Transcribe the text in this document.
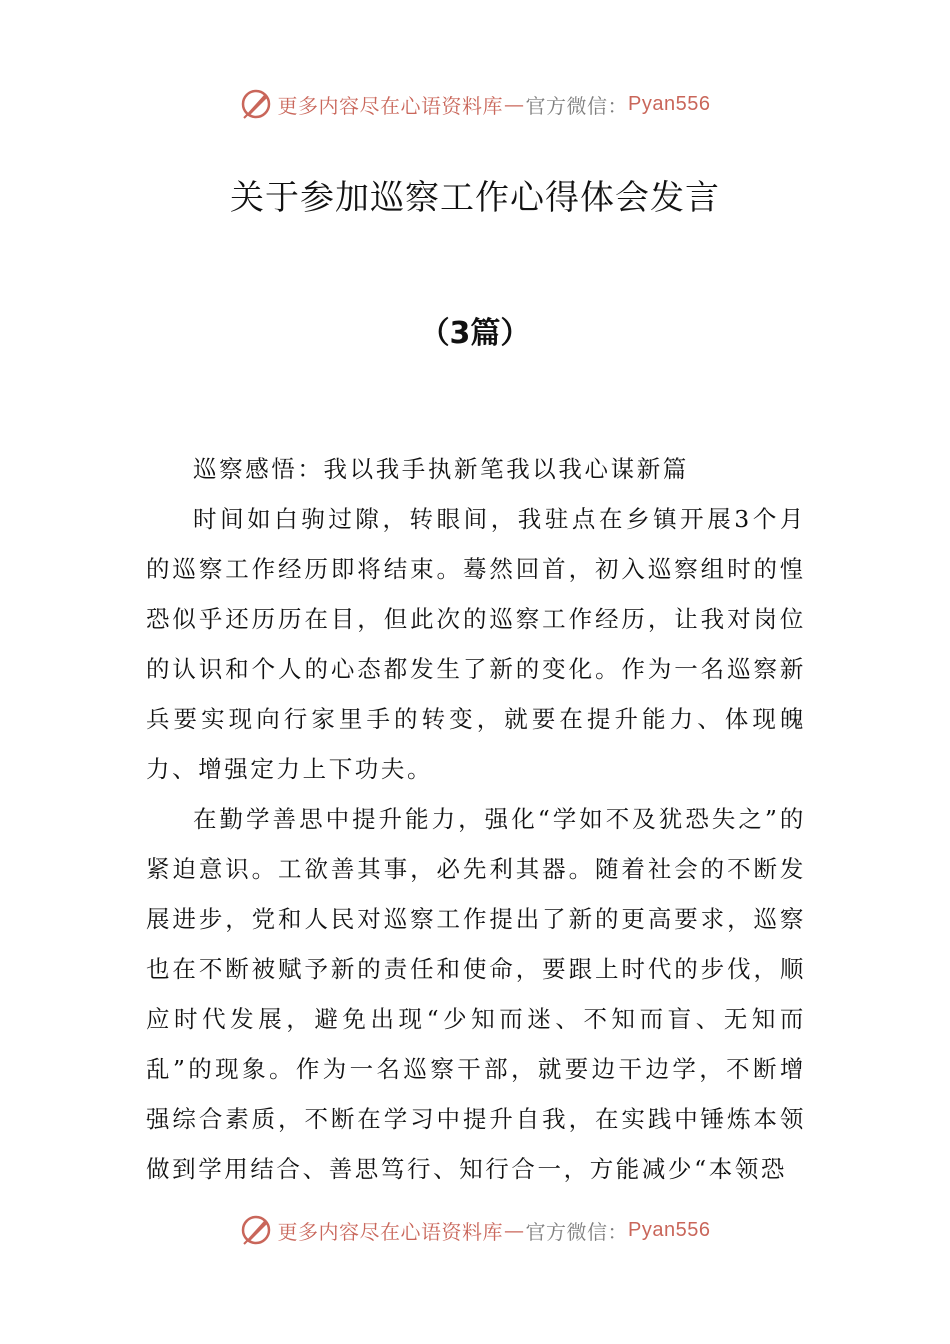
更多内容尽在心语资料库 — 官方微信： Pyan556
关于参加巡察工作心得体会发言
（3篇）

巡察感悟：我以我手执新笔我以我心谋新篇

时间如白驹过隙，转眼间，我驻点在乡镇开展3个月的巡察工作经历即将结束。蓦然回首，初入巡察组时的惶恐似乎还历历在目，但此次的巡察工作经历，让我对岗位的认识和个人的心态都发生了新的变化。作为一名巡察新兵要实现向行家里手的转变，就要在提升能力、体现魄力、增强定力上下功夫。

在勤学善思中提升能力，强化“学如不及犹恐失之”的紧迫意识。工欲善其事，必先利其器。随着社会的不断发展进步，党和人民对巡察工作提出了新的更高要求，巡察也在不断被赋予新的责任和使命，要跟上时代的步伐，顺应时代发展，避免出现“少知而迷、不知而盲、无知而乱”的现象。作为一名巡察干部，就要边干边学，不断增强综合素质，不断在学习中提升自我，在实践中锤炼本领做到学用结合、善思笃行、知行合一，方能减少“本领恐

更多内容尽在心语资料库 — 官方微信： Pyan556
